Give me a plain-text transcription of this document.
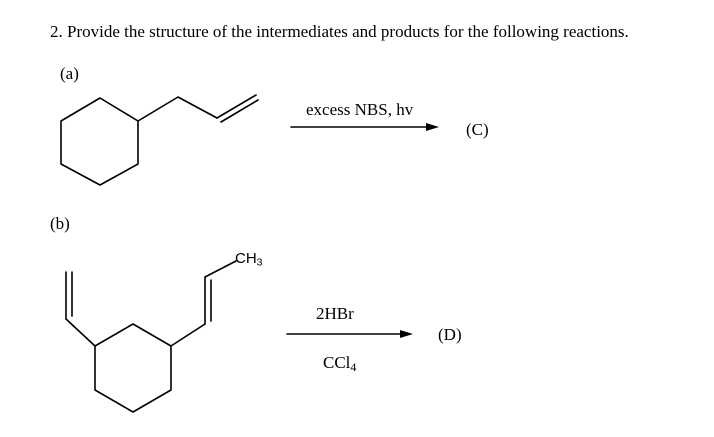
2. Provide the structure of the intermediates and products for the following reactions.
(a)
excess NBS, hv
(C)
(b)
$CH_3$
2HBr
CCl$_4$
(D)
